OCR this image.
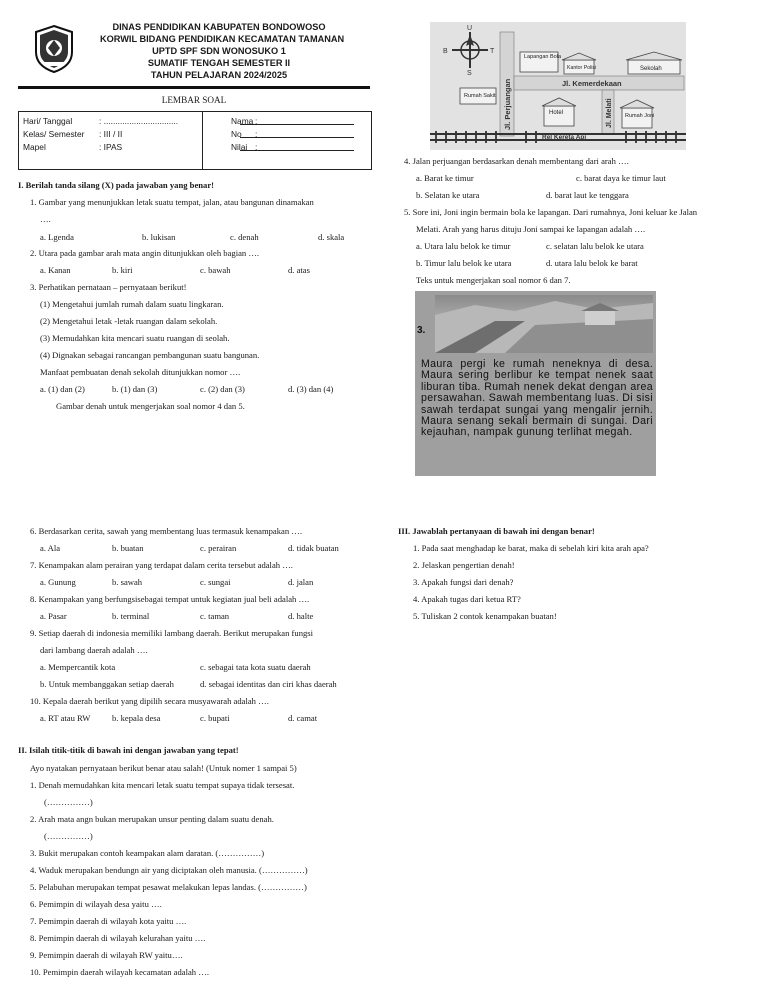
DINAS PENDIDIKAN KABUPATEN BONDOWOSO
KORWIL BIDANG PENDIDIKAN KECAMATAN TAMANAN
UPTD SPF SDN WONOSUKO 1
SUMATIF TENGAH SEMESTER II
TAHUN PELAJARAN 2024/2025
LEMBAR SOAL
Hari/ Tanggal	: ................................
Kelas/ Semester : III / II
Mapel	: IPAS
Nama :
No :
Nilai :
I. Berilah tanda silang (X) pada jawaban yang benar!
1. Gambar yang menunjukkan letak suatu tempat, jalan, atau bangunan dinamakan
….
a. Lgenda	b. lukisan	c. denah	d. skala
2. Utara pada gambar arah mata angin ditunjukkan oleh bagian ….
a. Kanan	b. kiri	c. bawah	d. atas
3. Perhatikan pernataan – pernyataan berikut!
(1) Mengetahui jumlah rumah dalam suatu lingkaran.
(2) Mengetahui letak -letak ruangan dalam sekolah.
(3) Memudahkan kita mencari suatu ruangan di seolah.
(4) Dignakan sebagai rancangan pembangunan suatu bangunan.
Manfaat pembuatan denah sekolah ditunjukkan nomor ….
a. (1) dan (2)	b. (1) dan (3)	c. (2) dan (3)	d. (3) dan (4)
Gambar denah untuk mengerjakan soal nomor 4 dan 5.
U
S
B	T
Jl. Perjuangan	Jl. Kemerdekaan
Jl. Melati
Lapangan Bola
Kantor Polisi	Sekolah
Rumah Sakit
Hotel	Rumah Joni
Rel Kereta Api
4. Jalan perjuangan berdasarkan denah membentang dari arah ….
a. Barat ke timur	c. barat daya ke timur laut
b. Selatan ke utara	d. barat laut ke tenggara
5. Sore ini, Joni ingin bermain bola ke lapangan. Dari rumahnya, Joni keluar ke Jalan
Melati. Arah yang harus dituju Joni sampai ke lapangan adalah ….
a. Utara lalu belok ke timur	c. selatan lalu belok ke utara
b. Timur lalu belok ke utara	d. utara lalu belok ke barat
Teks untuk mengerjakan soal nomor 6 dan 7.
3.
Maura pergi ke rumah neneknya di desa. Maura sering berlibur ke tempat nenek saat liburan tiba. Rumah nenek dekat dengan area persawahan. Sawah membentang luas. Di sisi sawah terdapat sungai yang mengalir jernih. Maura senang sekali bermain di sungai. Dari kejauhan, nampak gunung terlihat megah.
6. Berdasarkan cerita, sawah yang membentang luas termasuk kenampakan ….
a. Ala	b. buatan	c. perairan	d. tidak buatan
7. Kenampakan alam perairan yang terdapat dalam cerita tersebut adalah ….
a. Gunung	b. sawah	c. sungai	d. jalan
8. Kenampakan yang berfungsisebagai tempat untuk kegiatan jual beli adalah ….
a. Pasar	b. terminal	c. taman	d. halte
9. Setiap daerah di indonesia memiliki lambang daerah. Berikut merupakan fungsi
dari lambang daerah adalah ….
a. Mempercantik kota	c. sebagai tata kota suatu daerah
b. Untuk membanggakan setiap daerah	d. sebagai identitas dan ciri khas daerah
10. Kepala daerah berikut yang dipilih secara musyawarah adalah ….
a. RT atau RW	b. kepala desa	c. bupati	d. camat
II. Isilah titik-titik di bawah ini dengan jawaban yang tepat!
Ayo nyatakan pernyataan berikut benar atau salah! (Untuk nomer 1 sampai 5)
1. Denah memudahkan kita mencari letak suatu tempat supaya tidak tersesat.
(……………)
2. Arah mata angn bukan merupakan unsur penting dalam suatu denah.
(……………)
3. Bukit merupakan contoh keampakan alam daratan. (……………)
4. Waduk merupakan bendungn air yang diciptakan oleh manusia. (……………)
5. Pelabuhan merupakan tempat pesawat melakukan lepas landas. (……………)
6. Pemimpin di wilayah desa yaitu ….
7. Pemimpin daerah di wilayah kota yaitu ….
8. Pemimpin daerah di wilayah kelurahan yaitu ….
9. Pemimpin daerah di wilayah RW yaitu….
10. Pemimpin daerah wilayah kecamatan adalah ….
III. Jawablah pertanyaan di bawah ini dengan benar!
1. Pada saat menghadap ke barat, maka di sebelah kiri kita arah apa?
2. Jelaskan pengertian denah!
3. Apakah fungsi dari denah?
4. Apakah tugas dari ketua RT?
5. Tuliskan 2 contok kenampakan buatan!
